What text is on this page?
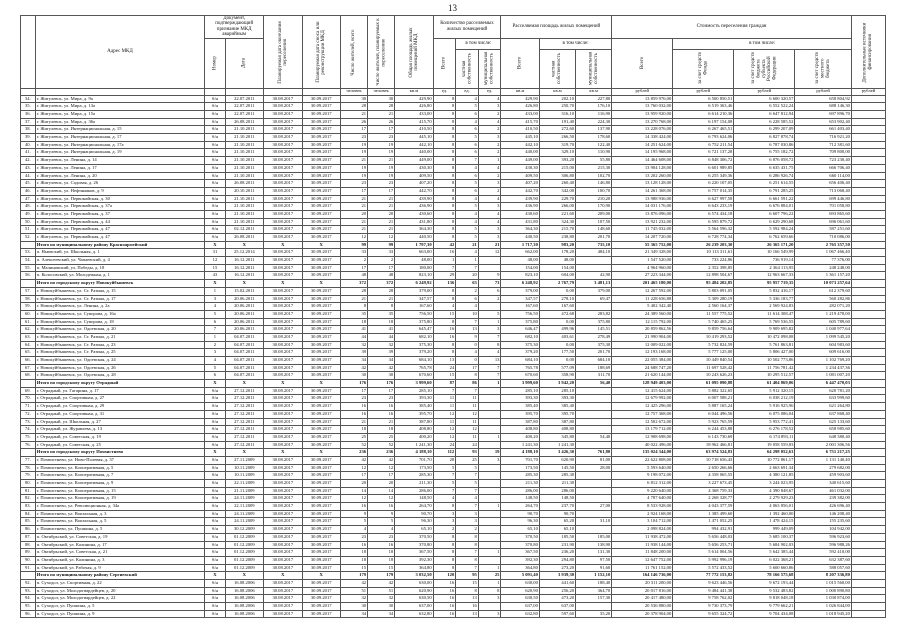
13
	Адрес МКД	Документ, подтверждающий признание МКД аварийным		Планируемая дата окончания переселения	Планируемая дата сноса или реконструкции МКД	Число жителей, всего	Число жителей, планируемых к переселению	Общая площадь жилых помещений МКД	Количество расселяемых жилых помещений			Расселяемая площадь жилых помещений			Стоимость переселения граждан				Дополнительные источники финансирования
		Номер	Дата						Всего	в том числе:		Всего	в том числе:		Всего	в том числе:			
										частная собственность	муниципальная собственность		частная собственность	муниципальная собственность		за счет средств Фонда	за счет средств бюджета субъекта Российской Федерации	за счет средств местного бюджета	
						человек	человек	кв.м	ед.	ед.	ед.	кв.м	кв.м	кв.м	рублей	рублей	рублей	рублей	рублей
34.	г. Жигулевск, ул. Мира, д. 9а	б/н	22.07.2011	30.08.2017	30.09.2017	30	30	429,90	8	4	4	429,90	202,10	227,80	13 859 976,00	6 500 850,51	6 600 320,57	658 804,92	
35.	г. Жигулевск, ул. Мира, д. 13а	б/н	22.07.2011	30.08.2017	30.09.2017	28	28	426,80	8	5	3	426,80	250,70	176,10	13 760 032,00	6 519 363,46	6 552 522,24	688 146,30	
36.	г. Жигулевск, ул. Мира, д. 15а	б/н	22.07.2011	30.08.2017	30.09.2017	21	21	433,00	8	6	2	433,00	316,10	116,90	13 959 920,00	6 614 210,36	6 647 812,94	697 896,70	
37.	г. Жигулевск, ул. Мира, д. 36а	б/н	26.08.2011	30.08.2017	30.09.2017	26	26	415,70	8	4	4	415,70	191,40	224,30	13 270 768,00	6 197 154,08	6 228 585,52	653 902,40	
38.	г. Жигулевск, ул. Интернациональная, д. 15	б/н	21.10.2011	30.08.2017	30.09.2017	17	17	410,50	8	6	2	410,50	272,60	137,90	13 228 076,00	6 267 465,51	6 299 207,09	661 403,40	
39.	г. Жигулевск, ул. Интернациональная, д. 17	б/н	21.10.2011	30.08.2017	30.09.2017	23	23	445,10	8	5	3	445,10	266,50	178,60	14 338 424,00	6 793 624,06	6 827 878,74	716 921,20	
40.	г. Жигулевск, ул. Интернациональная, д. 17а	б/н	21.10.2011	30.08.2017	30.09.2017	19	19	442,10	8	6	2	442,10	319,70	122,40	14 251 624,00	6 752 211,54	6 787 030,86	712 381,60	
41.	г. Жигулевск, ул. Интернациональная, д. 19	б/н	21.10.2011	30.08.2017	30.09.2017	19	19	440,00	8	6	2	440,00	329,10	110,90	14 195 968,00	6 721 137,28	6 755 182,72	709 800,00	
42.	г. Жигулевск, ул. Ленина, д. 14	б/н	21.10.2011	30.08.2017	30.09.2017	21	21	449,00	8	7	1	449,00	393,20	55,80	14 464 608,00	6 848 306,72	6 876 058,72	723 230,40	
43.	г. Жигулевск, ул. Ленина, д. 17	б/н	21.10.2011	30.08.2017	30.09.2017	19	19	430,30	8	4	4	430,30	215,00	215,30	13 904 128,00	6 601 989,85	6 635 431,75	666 706,40	
44.	г. Жигулевск, ул. Ленина, д. 20	б/н	21.10.2011	30.08.2017	30.09.2017	19	19	409,50	8	6	2	409,50	306,80	102,70	13 202 260,00	6 255 349,36	6 286 926,74	660 114,00	
45.	г. Жигулевск, ул. Садовая, д. 26	б/н	26.08.2011	30.08.2017	30.09.2017	23	23	407,20	8	5	3	407,20	260,40	146,80	13 128 128,00	6 220 107,05	6 251 614,55	656 406,40	
46.	г. Жигулевск, ул. Нефтяников, д. 9	б/н	20.10.2011	30.08.2017	30.09.2017	17	17	442,70	8	6	2	442,70	342,00	100,70	14 261 368,00	6 757 014,35	6 791 285,25	713 068,40	
47.	г. Жигулевск, ул. Первомайская, д. 30	б/н	21.10.2011	30.08.2017	30.09.2017	21	21	439,90	8	4	4	439,90	229,70	210,20	13 988 936,00	6 627 997,58	6 661 591,22	699 446,80	
48.	г. Жигулевск, ул. Первомайская, д. 37а	б/н	21.10.2011	30.08.2017	30.09.2017	21	21	436,90	8	5	3	436,90	266,00	170,90	14 031 176,00	6 643 233,19	6 676 884,01	701 058,80	
49.	г. Жигулевск, ул. Первомайская, д. 37	б/н	21.10.2011	30.08.2017	30.09.2017	20	20	430,60	8	4	4	430,60	221,60	209,00	13 876 096,00	6 574 434,18	6 607 796,22	693 865,60	
50.	г. Жигулевск, ул. Первомайская, д. 44	б/н	21.10.2011	30.08.2017	30.09.2017	21	21	431,80	8	4	4	431,80	324,30	107,50	13 921 232,00	6 595 879,72	6 629 290,68	696 061,60	
51.	г. Жигулевск, ул. Первомайская, д. 47	б/н	02.12.2011	30.08.2017	30.09.2017	21	21	364,30	8	5	3	364,30	215,70	148,60	11 745 032,00	5 564 596,32	5 592 984,24	587 251,60	
52.	г. Жигулевск, ул. Первомайская, д. 47	б/н	26.08.2011	30.08.2017	30.09.2017	12	12	440,50	8	5	3	440,50	238,80	201,70	14 207 720,00	6 728 774,34	6 762 659,66	710 086,00	
	Итого по муниципальному району Красноармейский	X	X	X	X	99	99	1 797,30	42	21	21	1 717,30	983,20	735,10	55 365 752,00	26 239 203,30	26 365 171,20	2 765 357,50	
53.	п. Ньювский, ул. Школьная, д. 1	31	25.12.2014	30.08.2017	30.09.2017	33	33	663,00	16	4	12	662,00	178,20	484,10	21 349 328,00	10 113 311,61	10 166 549,99	1 067 466,40	
54.	п. Алексеевский, ул. Чапаевский, д. 4	12	16.12.2011	30.08.2017	30.09.2017	2	2	48,00	1	1		48,00	48,00		1 547 520,00	733 224,86	736 919,14	77 376,00	
55.	п. Малиновский, ул. Победы, д. 18	15	16.12.2011	30.08.2017	30.09.2017	17	17	180,00	7	7		154,00	154,00		4 964 960,00	2 352 398,85	2 364 113,95	248 248,00	
56.	п. Колосовский, ул. Молодежная, д. 1	43	16.12.2011	30.08.2017	30.09.2017	48	48	823,10	29	20	9	823,10	604,00	42,90	27 223 344,00	12 898 504,67	12 963 667,33	1 361 157,20	
	Итого по городскому округу Новокуйбышевск	X	X	X	X	372	372	6 249,92	136	63	73	6 248,92	2 767,79	3 481,13	201 465 180,00	95 484 202,85	95 957 719,35	10 073 257,64	
57.	г. Новокуйбышевск, ул. Ст. Разина, д. 15	1	15.02.2011	30.08.2017	30.09.2017	28	28	379,00	8	2	6	379,00	0,00	379,00	12 267 592,00	5 803 091,05	5 832 416,17	612 379,60	
58.	г. Новокуйбышевск, ул. Ст. Разина, д. 17	3	20.06.2011	30.08.2017	30.09.2017	21	21	347,57	8	6	2	347,57	278,10	69,47	11 228 656,88	5 309 280,19	5 336 183,77	560 282,86	
59.	г. Новокуйбышевск, ул. Ленина, д. 2а	4	20.06.2011	30.08.2017	30.09.2017	8	8	167,60	4	4		167,60	167,60		5 402 342,40	2 560 164,37	2 569 924,83	282 071,20	
60.	г. Новокуйбышевск, ул. Суворова, д. 16а	5	20.06.2011	30.08.2017	30.09.2017	35	35	756,50	15	10	5	756,50	472,68	283,82	24 389 560,00	11 557 775,52	11 614 308,47	1 219 478,00	
61.	г. Новокуйбышевск, ул. Суворова, д. 18	6	20.06.2011	30.08.2017	30.09.2017	18	18	375,80	8	7	1	375,80	0,00	375,80	12 115 792,00	5 740 465,25	5 769 536,55	605 789,60	
62.	г. Новокуйбышевск, ул. Одоевская, д. 20	7	20.06.2011	30.08.2017	30.09.2017	41	41	645,47	16	13	3	646,47	499,96	145,51	20 859 862,56	9 859 756,64	9 909 695,82	1 040 977,64	
63.	г. Новокуйбышевск, ул. Ст. Разина, д. 21	1	04.07.2011	30.08.2017	30.09.2017	44	44	682,10	16	9	7	682,10	403,61	278,49	21 990 904,00	10 419 293,52	10 472 098,08	1 099 545,20	
64.	г. Новокуйбышевск, ул. Ст. Разина, д. 23	2	04.07.2011	30.08.2017	30.09.2017	32	32	375,30	8	0	8	375,30	0,00	375,30	12 009 022,00	5 732 824,59	5 761 863,81	604 983,60	
65.	г. Новокуйбышевск, ул. Ст. Разина, д. 25	3	04.07.2011	30.08.2017	30.09.2017	39	39	379,20	8	4	4	379,20	177,50	201,70	12 193 168,00	5 777 125,00	5 806 427,00	609 616,00	
66.	г. Новокуйбышевск, ул. Одоевская, д. 24	4	04.07.2011	30.08.2017	30.09.2017	34	34	684,10	13	0	13	684,10	0,00	684,10	22 055 384,00	10 449 840,54	10 502 773,86	1 102 769,20	
67.	г. Новокуйбышевск, ул. Одоевская, д. 26	5	04.07.2011	30.08.2017	30.09.2017	42	42	765,78	24	17	7	765,78	577,09	188,69	24 688 747,20	11 697 528,42	11 756 781,42	1 234 437,36	
68.	г. Новокуйбышевск, ул. Одоевская, д. 28	6	04.07.2011	30.08.2017	30.09.2017	30	30	670,60	15	8	7	670,60	358,90	311,70	21 620 144,00	10 243 626,23	10 295 512,57	1 081 007,20	
	Итого по городскому округу Отрадный	X	X	X	X	176	176	3 999,60	87	86	1	3 999,60	3 942,20	56,40	128 949 403,00	61 095 090,88	61 404 869,06	6 447 470,03	
69.	г. Отрадный, ул. Гагарина, д. 17	б/н	27.12.2011	30.08.2017	30.09.2017	17	17	285,10	7	7		285,10	285,10		12 415 624,00	5 882 322,65	5 912 320,15	620 781,20	
70.	г. Отрадный, ул. Спортивная, д. 27	б/н	27.12.2011	30.08.2017	30.09.2017	23	23	393,30	11	11		393,30	393,30		12 679 992,00	6 007 588,21	6 038 212,19	633 999,60	
71.	г. Отрадный, ул. Спортивная, д. 29	б/н	27.12.2011	30.08.2017	30.09.2017	16	16	385,40	11	11		385,40	385,40		12 425 296,00	5 887 165,24	5 916 925,96	621 264,80	
72.	г. Отрадный, ул. Спортивная, д. 31	б/н	27.12.2011	30.08.2017	30.09.2017	16	16	395,70	12	12		395,70	395,70		12 757 368,00	6 044 496,56	6 075 086,04	637 868,40	
73.	г. Отрадный, ул. Школьная, д. 27	б/н	27.12.2011	30.08.2017	30.09.2017	21	21	387,80	11	11		387,80	387,80		12 502 672,00	5 923 765,59	5 953 772,41	625 133,60	
74.	г. Отрадный, ул. Журавлева, д. 13	б/н	27.12.2011	30.08.2017	30.09.2017	18	18	408,80	12	12		408,80	408,80		13 179 712,00	6 244 453,88	6 276 178,52	658 985,60	
75.	г. Отрадный, ул. Советская, д. 19	б/н	27.12.2011	30.08.2017	30.09.2017	25	25	400,20	12	11	1	400,20	345,80	54,40	12 908 698,00	6 143 730,69	6 174 893,11	648 380,40	
76.	г. Отрадный, ул. Советская, д. 25	б/н	27.12.2011	30.08.2017	30.09.2017	52	52	1 241,30	24	24		1 241,30	1 241,30		40 022 496,00	18 962 466,81	19 058 559,83	2 001 306,56	
	Итого по городскому округу Похвистнево	X	X	X	X	236	236	4 188,10	112	93	19	4 188,10	3 426,30	761,80	135 024 344,00	63 974 524,83	64 298 052,63	6 751 217,25	
77.	г. Похвистнево, ул. Ново-Полевая, д. 37	б/н	27.11.2009	30.08.2017	30.09.2017	42	42	701,70	28	25	3	701,70	620,90	81,00	22 622 808,00	10 718 656,43	10 772 861,17	1 131 140,40	
78.	г. Похвистнево, ул. Кооперативная, д. 5	б/н	10.11.2009	30.08.2017	30.09.2017	12	12	173,50	5	5		173,50	145,50	28,00	5 593 640,00	2 650 266,66	2 663 691,34	279 682,00	
79.	г. Похвистнево, ул. Кооперативная, д. 7	б/н	10.11.2009	30.08.2017	30.09.2017	17	17	285,30	7	7		285,30	285,30		9 198 072,00	4 358 065,55	4 380 121,85	459 903,60	
80.	г. Похвистнево, ул. Кооперативная, д. 9	б/н	22.11.2009	30.08.2017	30.09.2017	20	20	211,30	5	5		211,30	211,30		6 812 312,00	3 227 673,45	3 244 023,95	340 615,60	
81.	г. Похвистнево, ул. Кооперативная, д. 15	б/н	21.11.2009	30.08.2017	30.09.2017	14	14	286,00	7	7		286,00	286,00		9 220 640,00	4 368 759,33	4 390 848,67	461 032,00	
82.	г. Похвистнево, ул. Кооперативная, д. 19	б/н	24.11.2009	30.08.2017	30.09.2017	12	12	148,50	4	4		148,50	148,50		4 787 640,00	2 268 328,77	2 279 929,23	239 382,00	
83.	г. Похвистнево, ул. Революционная, д. 34а	б/н	22.11.2009	30.08.2017	30.09.2017	16	16	264,70	8	7	1	264,70	237,70	27,00	8 533 928,00	4 043 377,59	4 063 856,01	426 696,40	
84.	г. Похвистнево, ул. Вокзальная, д. 3	б/н	24.11.2009	30.08.2017	30.09.2017	9	9	90,70	3	3		90,70	90,70		2 924 168,00	1 385 499,60	1 392 460,00	146 208,40	
85.	г. Похвистнево, ул. Вокзальная, д. 5	б/н	24.11.2009	30.08.2017	30.09.2017	5	5	96,30	3	3		96,30	65,20	31,10	3 104 712,00	1 471 052,25	1 478 424,15	155 235,60	
86.	г. Похвистнево, ул. Пушкина, д. 5	б/н	30.12.2009	30.08.2017	30.09.2017	4	4	65,10	2	2		65,10	65,10		2 098 824,00	994 432,91	999 449,09	104 942,00	
87.	п. Октябрьский, ул. Советская, д. 19	б/н	01.12.2009	30.08.2017	30.09.2017	23	23	370,50	8	8		370,50	185,50	185,00	11 938 472,00	5 656 448,03	5 685 100,37	596 923,60	
88.	п. Октябрьский, ул. Калинина, д. 17	б/н	01.12.2009	30.08.2017	30.09.2017	16	16	370,80	8	8		370,80	231,90	138,90	11 938 144,00	5 656 253,71	5 684 902,03	596 988,26	
89.	п. Октябрьский, ул. Советская, д. 21	б/н	01.12.2009	30.08.2017	30.09.2017	18	18	367,50	8	7	1	367,50	236,20	131,30	11 848 200,00	5 614 004,56	5 642 385,44	592 410,00	
90.	п. Октябрьский, ул. Калинина, д. 3	б/н	01.12.2009	30.08.2017	30.09.2017	18	18	392,30	8	8		392,30	294,80	97,50	12 647 752,00	5 992 996,19	6 022 368,21	632 387,60	
91.	п. Октябрьский, ул. Рабочая, д. 9	б/н	01.12.2009	30.08.2017	30.09.2017	15	15	364,80	8	7	1	364,80	273,20	91,60	11 761 152,00	5 572 433,52	5 600 660,86	588 057,60	
	Итого по муниципальному району Сергиевский	X	X	X	X	179	179	3 032,50	120	95	25	5 091,40	3 939,30	1 152,10	164 146 736,00	77 772 153,82	78 166 575,68	8 207 336,80	
92.	п. Суходол, ул. Спортивная, д. 22	б/н	16.08.2006	30.08.2017	30.09.2017	42	42	630,00	16	15	1	630,00	441,60	188,40	20 311 200,00	9 623 446,56	9 672 193,44	1 015 560,00	
93.	п. Суходол, ул. Молодогвардейцев, д. 20	б/н	16.08.2006	30.08.2017	30.09.2017	51	51	620,90	16	8	8	620,90	256,20	364,70	20 017 816,00	9 484 441,38	9 532 483,82	1 000 890,80	
94.	п. Суходол, ул. Молодогвардейцев, д. 22	б/н	16.08.2006	30.08.2017	30.09.2017	32	32	630,50	16	13	3	630,50	473,20	157,30	20 417 480,00	9 758 762,02	9 818 048,18	1 030 874,00	
95.	п. Суходол, ул. Пушкина, д. 5	б/н	16.08.2006	30.08.2017	30.09.2017	30	30	637,00	16	16		637,00	637,00		20 536 880,00	9 730 373,79	9 779 662,21	1 026 844,00	
96.	п. Суходол, ул. Пушкина, д. 9	б/н	16.08.2006	30.08.2017	30.09.2017	34	34	632,80	16	13	3	632,80	597,60	35,20	20 378 904,00	9 655 324,72	9 704 434,08	1 018 945,20	
